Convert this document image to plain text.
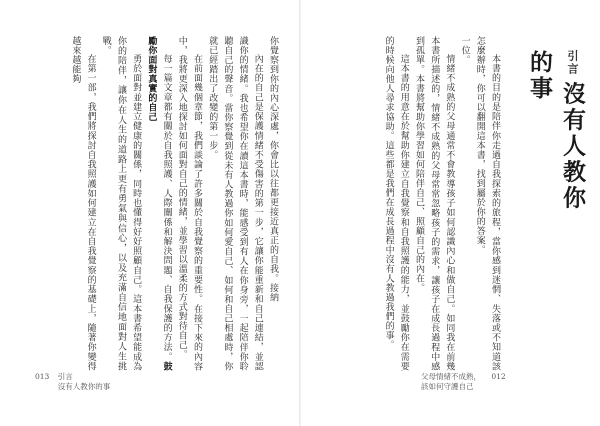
你覺察到你的內心深處，你會比以往都更接近真正的自我。接納

內在的自己是保護情緒不受傷害的第一步，它讓你能重新和自己連結，並認識你的情緒。我也希望你在讀這本書時，能感受到有人在你身旁，一起陪伴你聆聽自己的聲音。當你察覺到從未有人教過你如何愛自己、如何和自己相處時，你就已經踏出了改變的第一步。

在前面幾個章節，我們談論了許多關於自我覺察的重要性。在接下來的內容中，我將更深入地探討如何面對自己的情緒，並學習以溫柔的方式對待自己。

每一篇文章都有關於自我照護、人際關係和解決問題、自我保護的方法。鼓勵你面對真實的自己

勇於面對並建立健康的關係，同時也懂得好好照顧自己。這本書希望能成為你的陪伴，讓你在人生的道路上更有勇氣與信心，以及充滿自信地面對人生挑戰。

在第一部，我們將探討自我照護如何建立在自我覺察的基礎上，隨著你變得越來越能夠

013 引言
沒有人教你的事
引言 沒有人教你的事

本書的目的是陪伴你走過自我探索的旅程，當你感到迷惘、失落或不知道該怎麼辦時，你可以翻開這本書，找到屬於你的答案。

一位。

情緒不成熟的父母通常不會教導孩子如何認識內心和做自己。如同我在前幾本書所描述的，情緒不成熟的父母常常忽略孩子的需求，讓孩子在成長過程中感到孤單。本書將幫助你學習如何陪伴自己、照顧自己的內在。

這本書的用意在於幫助你建立自我覺察和自我照護的能力，並鼓勵你在需要的時候向他人尋求協助。這些都是我們在成長過程中沒有人教過我們的事。

父母情緒不成熟，
該如何守護自己
012
